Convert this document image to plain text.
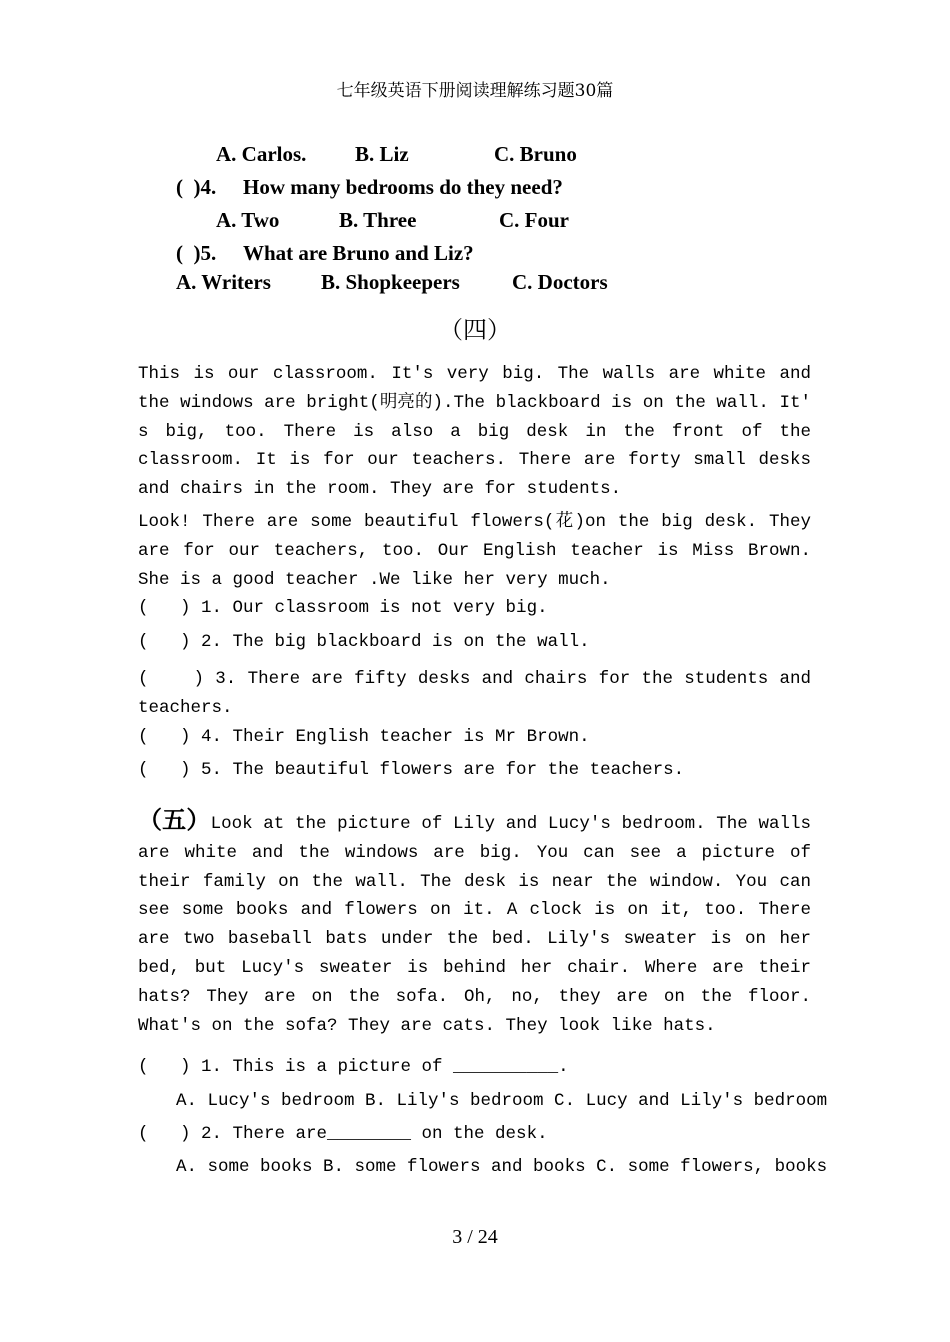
七年级英语下册阅读理解练习题30篇
A. Carlos. B. Liz	C. Bruno
(  )4. How many bedrooms do they need?
A. Two	B. Three	C. Four
(  )5. What are Bruno and Liz?
A. Writers B. Shopkeepers C. Doctors
（四）
This is our classroom. It's very big. The walls are white and the windows are bright(明亮的).The blackboard is on the wall. It' s big, too. There is also a big desk in the front of the classroom. It is for our teachers. There are forty small desks and chairs in the room. They are for students.
Look! There are some beautiful flowers(花)on the big desk. They are for our teachers, too. Our English teacher is Miss Brown. She is a good teacher .We like her very much.
(   ) 1. Our classroom is not very big.
(   ) 2. The big blackboard is on the wall.
(    ) 3. There are fifty desks and chairs for the students and teachers.
(   ) 4. Their English teacher is Mr Brown.
(   ) 5. The beautiful flowers are for the teachers.
（五）Look at the picture of Lily and Lucy's bedroom. The walls are white and the windows are big. You can see a picture of their family on the wall. The desk is near the window. You can see some books and flowers on it. A clock is on it, too. There are two baseball bats under the bed. Lily's sweater is on her bed, but Lucy's sweater is behind her chair. Where are their hats? They are on the sofa. Oh, no, they are on the floor. What's on the sofa? They are cats. They look like hats.
(   ) 1. This is a picture of __________.
A. Lucy's bedroom B. Lily's bedroom C. Lucy and Lily's bedroom
(   ) 2. There are________ on the desk.
A. some books B. some flowers and books C. some flowers, books
3 / 24
